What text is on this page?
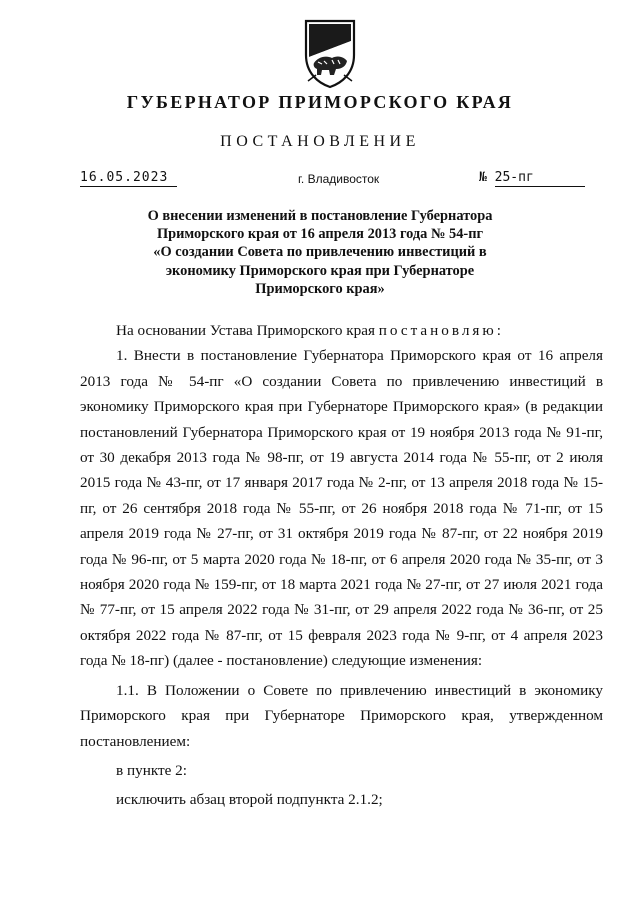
ГУБЕРНАТОР ПРИМОРСКОГО КРАЯ
ПОСТАНОВЛЕНИЕ
16.05.2023	г. Владивосток	№ 25-пг
О внесении изменений в постановление Губернатора
Приморского края от 16 апреля 2013 года № 54-пг
«О создании Совета по привлечению инвестиций в
экономику Приморского края при Губернаторе
Приморского края»

На основании Устава Приморского края постановляю:

1. Внести в постановление Губернатора Приморского края от 16 апреля 2013 года № 54-пг «О создании Совета по привлечению инвестиций в экономику Приморского края при Губернаторе Приморского края» (в редакции постановлений Губернатора Приморского края от 19 ноября 2013 года № 91-пг, от 30 декабря 2013 года № 98-пг, от 19 августа 2014 года № 55-пг, от 2 июля 2015 года № 43-пг, от 17 января 2017 года № 2-пг, от 13 апреля 2018 года № 15-пг, от 26 сентября 2018 года № 55-пг, от 26 ноября 2018 года № 71-пг, от 15 апреля 2019 года № 27-пг, от 31 октября 2019 года № 87-пг, от 22 ноября 2019 года № 96-пг, от 5 марта 2020 года № 18-пг, от 6 апреля 2020 года № 35-пг, от 3 ноября 2020 года № 159-пг, от 18 марта 2021 года № 27-пг, от 27 июля 2021 года № 77-пг, от 15 апреля 2022 года № 31-пг, от 29 апреля 2022 года № 36-пг, от 25 октября 2022 года № 87-пг, от 15 февраля 2023 года № 9-пг, от 4 апреля 2023 года № 18-пг) (далее - постановление) следующие изменения:

1.1. В Положении о Совете по привлечению инвестиций в экономику Приморского края при Губернаторе Приморского края, утвержденном постановлением:

в пункте 2:

исключить абзац второй подпункта 2.1.2;
